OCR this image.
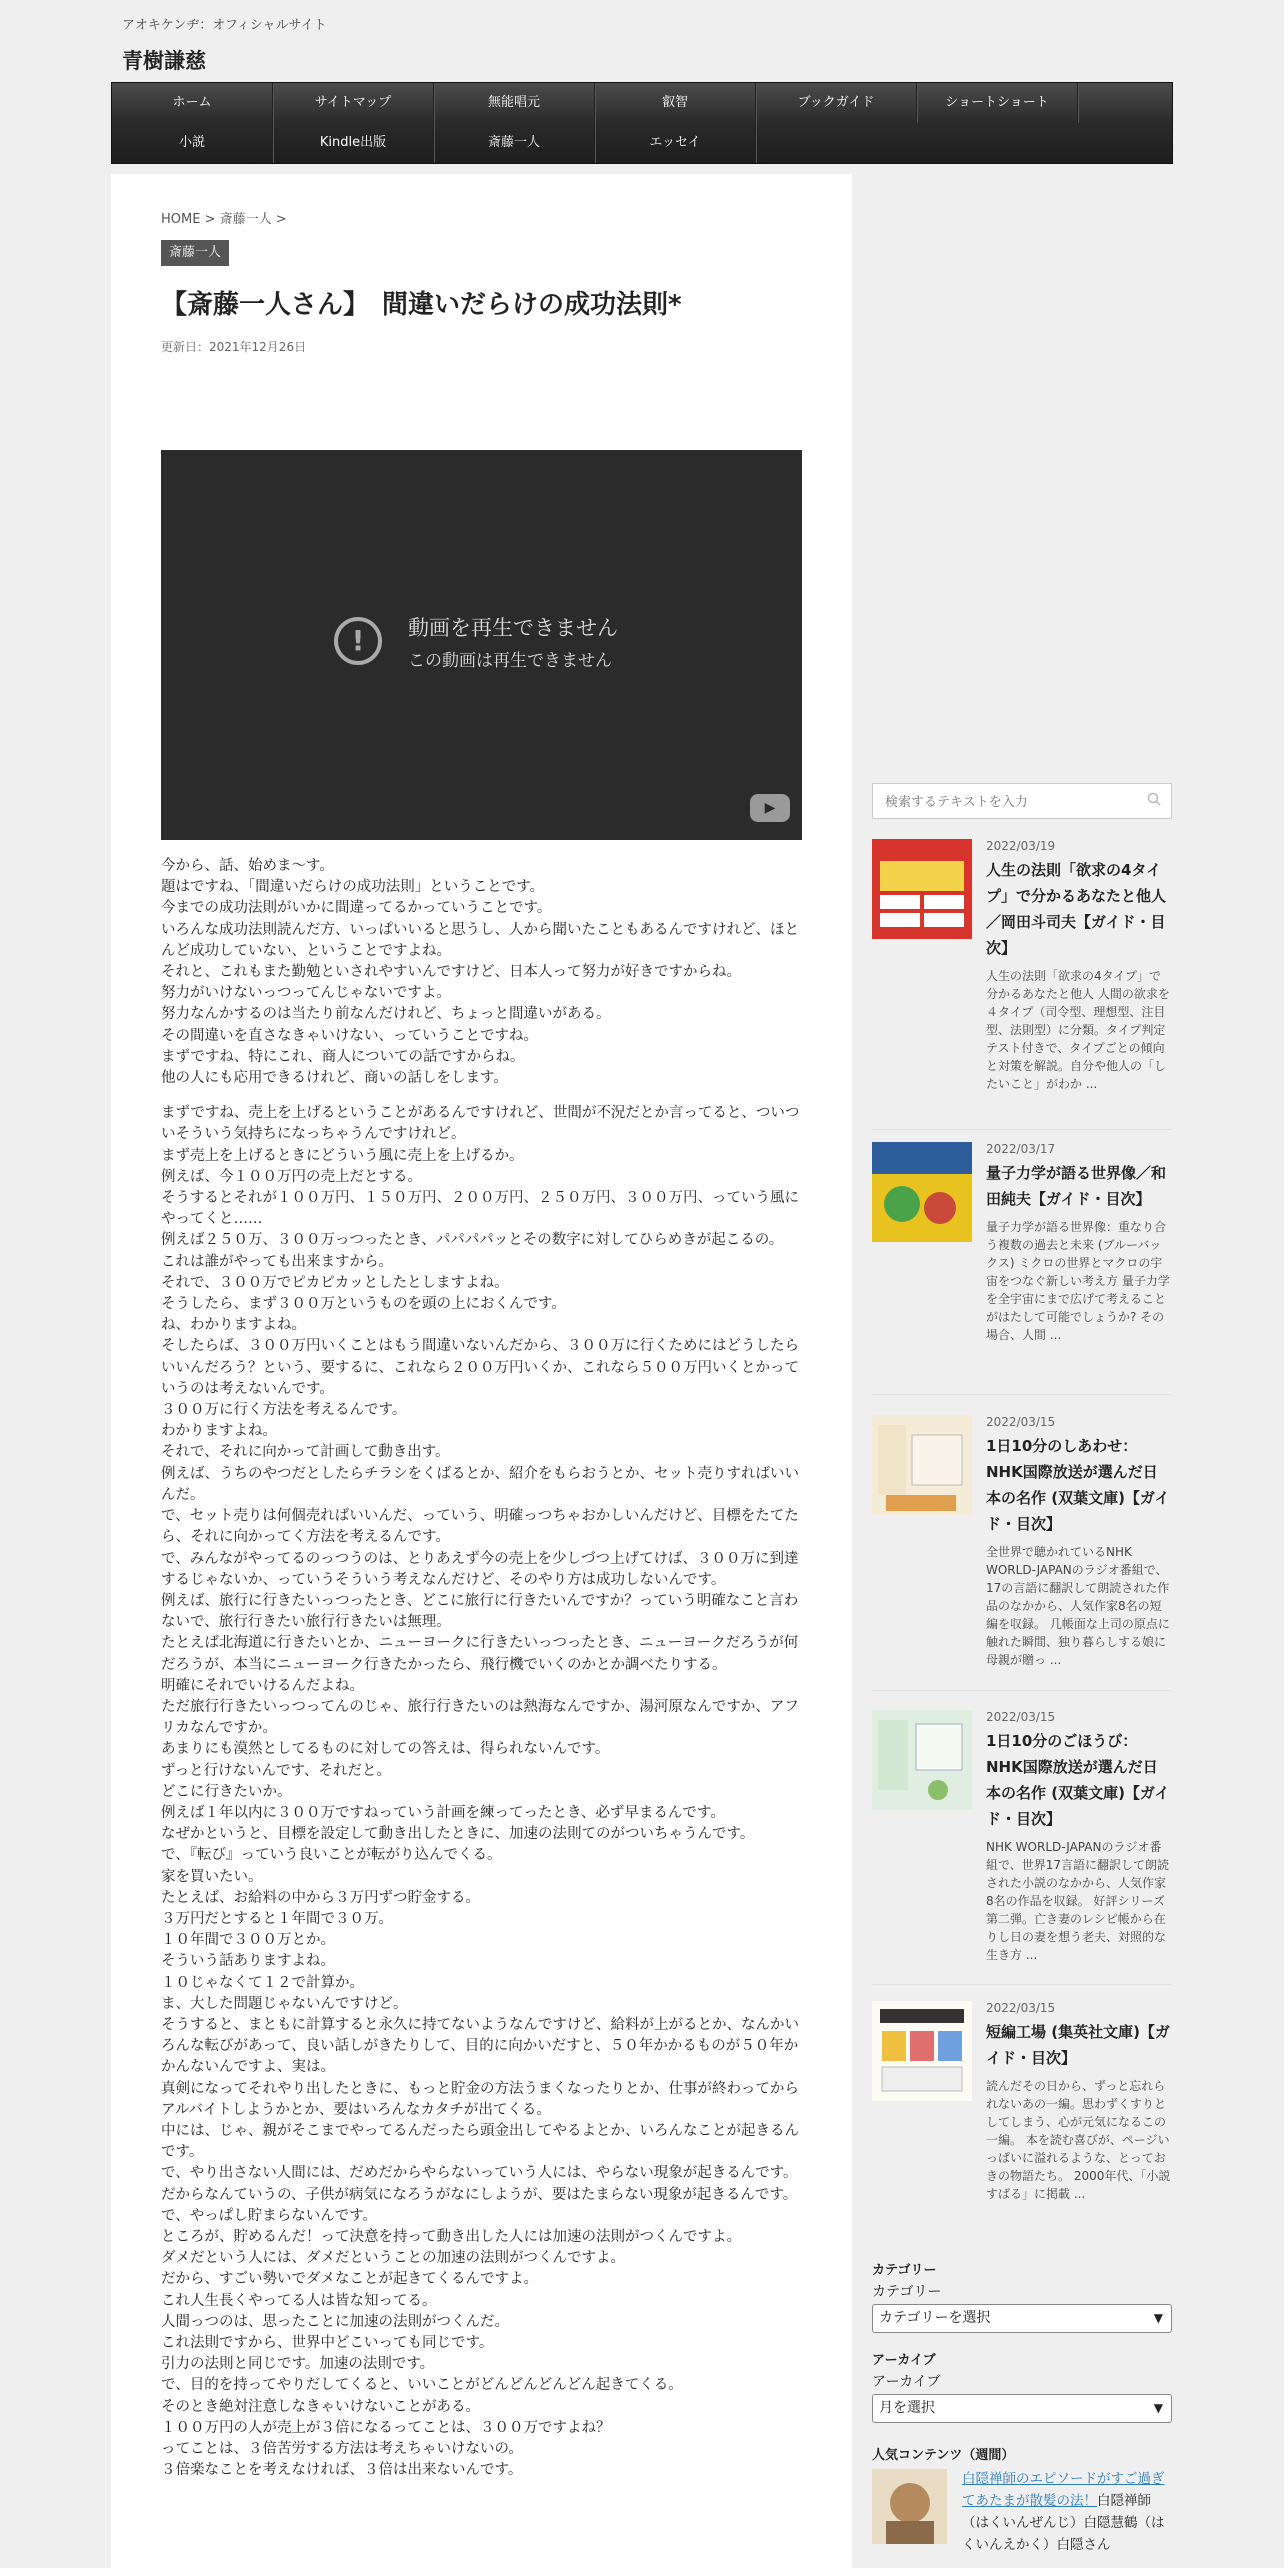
アオキケンヂ：オフィシャルサイト
青樹謙慈
ホーム	サイトマップ	無能唱元	叡智	ブックガイド	ショートショート
小説	Kindle出版	斎藤一人	エッセイ
HOME > 斎藤一人 >
斎藤一人
【斎藤一人さん】　間違いだらけの成功法則*
更新日：2021年12月26日
!	動画を再生できません
この動画は再生できません
▶

今から、話、始めま～す。
題はですね、「間違いだらけの成功法則」ということです。
今までの成功法則がいかに間違ってるかっていうことです。
いろんな成功法則読んだ方、いっぱいいると思うし、人から聞いたこともあるんですけれど、ほとんど成功していない、ということですよね。
それと、これもまた勤勉といされやすいんですけど、日本人って努力が好きですからね。
努力がいけないっつってんじゃないですよ。
努力なんかするのは当たり前なんだけれど、ちょっと間違いがある。
その間違いを直さなきゃいけない、っていうことですね。
まずですね、特にこれ、商人についての話ですからね。
他の人にも応用できるけれど、商いの話しをします。

まずですね、売上を上げるということがあるんですけれど、世間が不況だとか言ってると、ついついそういう気持ちになっちゃうんですけれど。
まず売上を上げるときにどういう風に売上を上げるか。
例えば、今１００万円の売上だとする。
そうするとそれが１００万円、１５０万円、２００万円、２５０万円、３００万円、っていう風にやってくと……
例えば２５０万、３００万っつったとき、パパパパッとその数字に対してひらめきが起こるの。
これは誰がやっても出来ますから。
それで、３００万でピカピカッとしたとしますよね。
そうしたら、まず３００万というものを頭の上におくんです。
ね、わかりますよね。
そしたらば、３００万円いくことはもう間違いないんだから、３００万に行くためにはどうしたらいいんだろう？という、要するに、これなら２００万円いくか、これなら５００万円いくとかっていうのは考えないんです。
３００万に行く方法を考えるんです。
わかりますよね。
それで、それに向かって計画して動き出す。
例えば、うちのやつだとしたらチラシをくばるとか、紹介をもらおうとか、セット売りすればいいんだ。
で、セット売りは何個売ればいいんだ、っていう、明確っつちゃおかしいんだけど、目標をたてたら、それに向かってく方法を考えるんです。
で、みんながやってるのっつうのは、とりあえず今の売上を少しづつ上げてけば、３００万に到達するじゃないか、っていうそういう考えなんだけど、そのやり方は成功しないんです。
例えば、旅行に行きたいっつったとき、どこに旅行に行きたいんですか？っていう明確なこと言わないで、旅行行きたい旅行行きたいは無理。
たとえば北海道に行きたいとか、ニューヨークに行きたいっつったとき、ニューヨークだろうが何だろうが、本当にニューヨーク行きたかったら、飛行機でいくのかとか調べたりする。
明確にそれでいけるんだよね。
ただ旅行行きたいっつってんのじゃ、旅行行きたいのは熱海なんですか、湯河原なんですか、アフリカなんですか。
あまりにも漠然としてるものに対しての答えは、得られないんです。
ずっと行けないんです、それだと。
どこに行きたいか。
例えば１年以内に３００万ですねっていう計画を練ってったとき、必ず早まるんです。
なぜかというと、目標を設定して動き出したときに、加速の法則てのがついちゃうんです。
で、『転び』っていう良いことが転がり込んでくる。
家を買いたい。
たとえば、お給料の中から３万円ずつ貯金する。
３万円だとすると１年間で３０万。
１０年間で３００万とか。
そういう話ありますよね。
１０じゃなくて１２で計算か。
ま、大した問題じゃないんですけど。
そうすると、まともに計算すると永久に持てないようなんですけど、給料が上がるとか、なんかいろんな転びがあって、良い話しがきたりして、目的に向かいだすと、５０年かかるものが５０年かかんないんですよ、実は。
真剣になってそれやり出したときに、もっと貯金の方法うまくなったりとか、仕事が終わってからアルバイトしようかとか、要はいろんなカタチが出てくる。
中には、じゃ、親がそこまでやってるんだったら頭金出してやるよとか、いろんなことが起きるんです。
で、やり出さない人間には、だめだからやらないっていう人には、やらない現象が起きるんです。
だからなんていうの、子供が病気になろうがなにしようが、要はたまらない現象が起きるんです。で、やっぱし貯まらないんです。
ところが、貯めるんだ！って決意を持って動き出した人には加速の法則がつくんですよ。
ダメだという人には、ダメだということの加速の法則がつくんですよ。
だから、すごい勢いでダメなことが起きてくるんですよ。
これ人生長くやってる人は皆な知ってる。
人間っつのは、思ったことに加速の法則がつくんだ。
これ法則ですから、世界中どこいっても同じです。
引力の法則と同じです。加速の法則です。
で、目的を持ってやりだしてくると、いいことがどんどんどんどん起きてくる。
そのとき絶対注意しなきゃいけないことがある。
１００万円の人が売上が３倍になるってことは、３００万ですよね？
ってことは、３倍苦労する方法は考えちゃいけないの。
３倍楽なことを考えなければ、３倍は出来ないんです。

検索するテキストを入力
2022/03/19
人生の法則「欲求の4タイプ」で分かるあなたと他人／岡田斗司夫【ガイド・目次】
人生の法則「欲求の4タイプ」で分かるあなたと他人 人間の欲求を４タイプ（司令型、理想型、注目型、法則型）に分類。タイプ判定テスト付きで、タイプごとの傾向と対策を解説。自分や他人の「したいこと」がわか ...
2022/03/17
量子力学が語る世界像／和田純夫【ガイド・目次】
量子力学が語る世界像：重なり合う複数の過去と未来 (ブルーバックス) ミクロの世界とマクロの宇宙をつなぐ新しい考え方 量子力学を全宇宙にまで広げて考えることがはたして可能でしょうか? その場合、人間 ...
2022/03/15
1日10分のしあわせ：NHK国際放送が選んだ日本の名作 (双葉文庫)【ガイド・目次】
全世界で聴かれているNHK WORLD-JAPANのラジオ番組で、17の言語に翻訳して朗読された作品のなかから、人気作家8名の短編を収録。 几帳面な上司の原点に触れた瞬間、独り暮らしする娘に母親が贈っ ...
2022/03/15
1日10分のごほうび：NHK国際放送が選んだ日本の名作 (双葉文庫)【ガイド・目次】
NHK WORLD-JAPANのラジオ番組で、世界17言語に翻訳して朗読された小説のなかから、人気作家8名の作品を収録。 好評シリーズ第二弾。亡き妻のレシピ帳から在りし日の妻を想う老夫、対照的な生き方 ...
2022/03/15
短編工場 (集英社文庫)【ガイド・目次】
読んだその日から、ずっと忘れられないあの一編。思わずくすりとしてしまう、心が元気になるこの一編。 本を読む喜びが、ページいっぱいに溢れるような、とっておきの物語たち。 2000年代、「小説すばる」に掲載 ...
カテゴリー
カテゴリー
カテゴリーを選択	▼
アーカイブ
アーカイブ
月を選択	▼
人気コンテンツ（週間）
白隠禅師のエピソードがすご過ぎてあたまが散髪の法！白隠禅師（はくいんぜんじ）白隠慧鶴（はくいんえかく）白隠さん
